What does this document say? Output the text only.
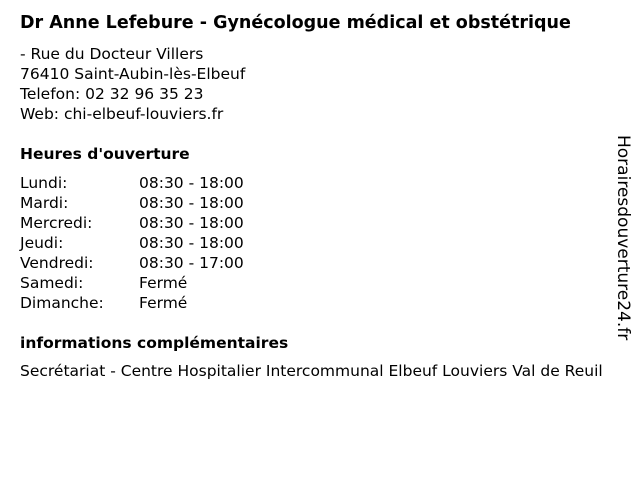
Dr Anne Lefebure - Gynécologue médical et obstétrique
- Rue du Docteur Villers
76410 Saint-Aubin-lès-Elbeuf
Telefon: 02 32 96 35 23
Web: chi-elbeuf-louviers.fr
Heures d'ouverture
Lundi:	08:30 - 18:00
Mardi:	08:30 - 18:00
Mercredi:	08:30 - 18:00
Jeudi:	08:30 - 18:00
Vendredi:	08:30 - 17:00
Samedi:	Fermé
Dimanche:	Fermé
informations complémentaires
Secrétariat - Centre Hospitalier Intercommunal Elbeuf Louviers Val de Reuil
Horairesdouverture24.fr
